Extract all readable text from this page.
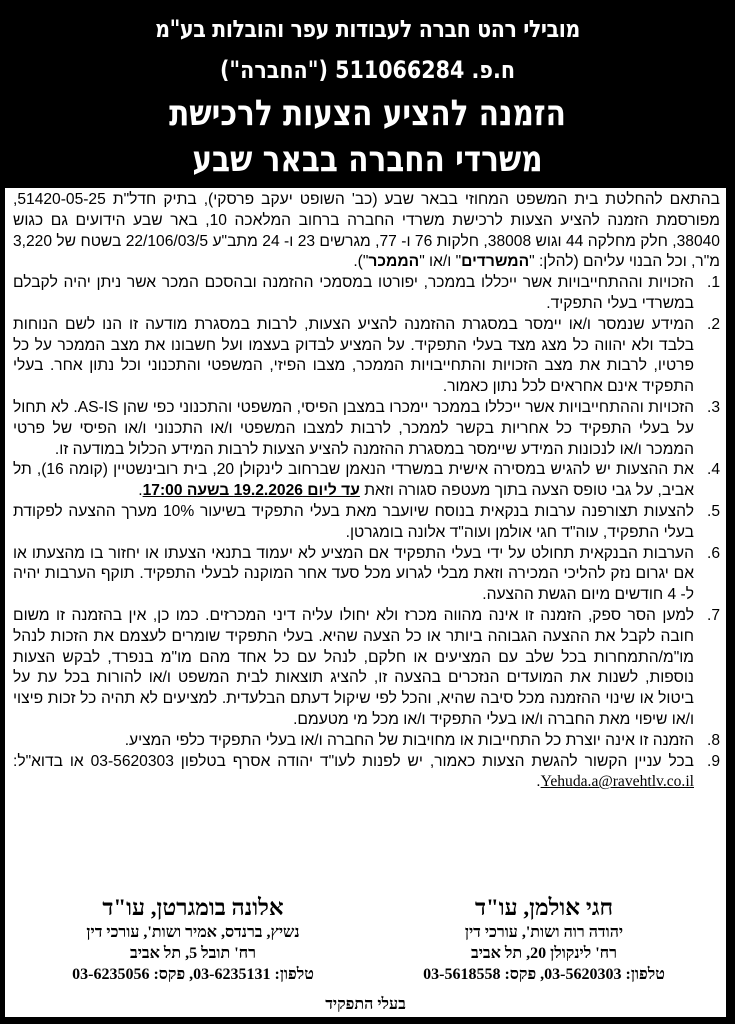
מובילי רהט חברה לעבודות עפר והובלות בע"מ
ח.פ. 511066284 ("החברה")
הזמנה להציע הצעות לרכישת
משרדי החברה בבאר שבע

בהתאם להחלטת בית המשפט המחוזי בבאר שבע (כב' השופט יעקב פרסקי), בתיק חדל"ת 51420-05-25, מפורסמת הזמנה להציע הצעות לרכישת משרדי החברה ברחוב המלאכה 10, באר שבע הידועים גם כגוש 38040, חלק מחלקה 44 וגוש 38008, חלקות 76 ו- 77, מגרשים 23 ו- 24 מתב"ע 22/106/03/5 בשטח של 3,220 מ"ר, וכל הבנוי עליהם (להלן: "המשרדים" ו/או "הממכר").

1.
הזכויות וההתחייבויות אשר ייכללו בממכר, יפורטו במסמכי ההזמנה ובהסכם המכר אשר ניתן יהיה לקבלם במשרדי בעלי התפקיד.
2.
המידע שנמסר ו/או יימסר במסגרת ההזמנה להציע הצעות, לרבות במסגרת מודעה זו הנו לשם הנוחות בלבד ולא יהווה כל מצג מצד בעלי התפקיד. על המציע לבדוק בעצמו ועל חשבונו את מצב הממכר על כל פרטיו, לרבות את מצב הזכויות והתחייבויות הממכר, מצבו הפיזי, המשפטי והתכנוני וכל נתון אחר. בעלי התפקיד אינם אחראים לכל נתון כאמור.
3.
הזכויות וההתחייבויות אשר ייכללו בממכר יימכרו במצבן הפיסי, המשפטי והתכנוני כפי שהן AS-IS. לא תחול על בעלי התפקיד כל אחריות בקשר לממכר, לרבות למצבו המשפטי ו/או התכנוני ו/או הפיסי של פרטי הממכר ו/או לנכונות המידע שיימסר במסגרת ההזמנה להציע הצעות לרבות המידע הכלול במודעה זו.
4.
את ההצעות יש להגיש במסירה אישית במשרדי הנאמן שברחוב לינקולן 20, בית רובינשטיין (קומה 16), תל אביב, על גבי טופס הצעה בתוך מעטפה סגורה וזאת עד ליום 19.2.2026 בשעה 17:00.
5.
להצעות תצורפנה ערבות בנקאית בנוסח שיועבר מאת בעלי התפקיד בשיעור 10% מערך ההצעה לפקודת בעלי התפקיד, עוה"ד חגי אולמן ועוה"ד אלונה בומגרטן.
6.
הערבות הבנקאית תחולט על ידי בעלי התפקיד אם המציע לא יעמוד בתנאי הצעתו או יחזור בו מהצעתו או אם יגרום נזק להליכי המכירה וזאת מבלי לגרוע מכל סעד אחר המוקנה לבעלי התפקיד. תוקף הערבות יהיה ל- 4 חודשים מיום הגשת ההצעה.
7.
למען הסר ספק, הזמנה זו אינה מהווה מכרז ולא יחולו עליה דיני המכרזים. כמו כן, אין בהזמנה זו משום חובה לקבל את ההצעה הגבוהה ביותר או כל הצעה שהיא. בעלי התפקיד שומרים לעצמם את הזכות לנהל מו"מ/התמחרות בכל שלב עם המציעים או חלקם, לנהל עם כל אחד מהם מו"מ בנפרד, לבקש הצעות נוספות, לשנות את המועדים הנזכרים בהצעה זו, להציג תוצאות לבית המשפט ו/או להורות בכל עת על ביטול או שינוי ההזמנה מכל סיבה שהיא, והכל לפי שיקול דעתם הבלעדית. למציעים לא תהיה כל זכות פיצוי ו/או שיפוי מאת החברה ו/או בעלי התפקיד ו/או מכל מי מטעמם.
8.
הזמנה זו אינה יוצרת כל התחייבות או מחויבות של החברה ו/או בעלי התפקיד כלפי המציע.
9.
בכל עניין הקשור להגשת הצעות כאמור, יש לפנות לעו"ד יהודה אסרף בטלפון 03-5620303 או בדוא"ל: Yehuda.a@ravehtlv.co.il.
חגי אולמן, עו"ד
יהודה רוה ושות', עורכי דין
רח' לינקולן 20, תל אביב
טלפון: 03-5620303, פקס: 03-5618558
אלונה בומגרטן, עו"ד
נשיץ, ברנדס, אמיר ושות', עורכי דין
רח' תובל 5, תל אביב
טלפון: 03-6235131, פקס: 03-6235056
בעלי התפקיד
